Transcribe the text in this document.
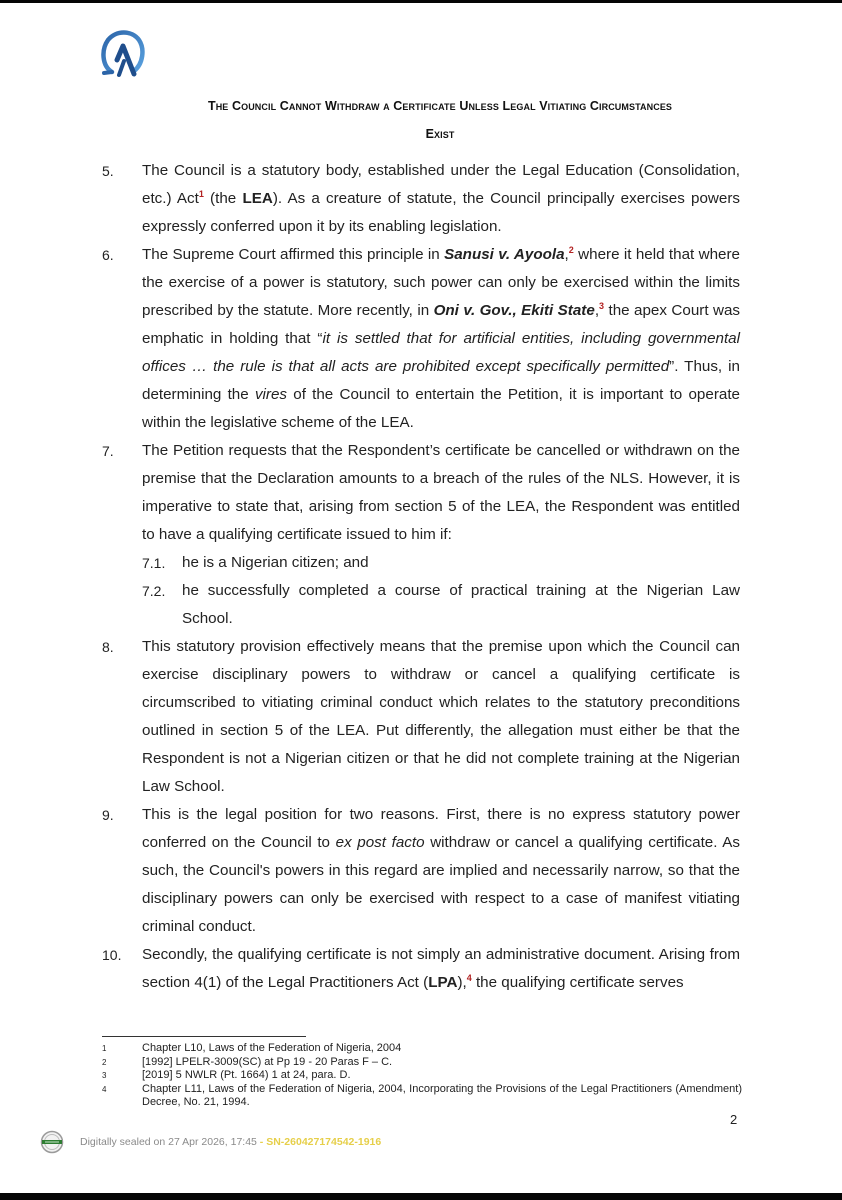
The Council Cannot Withdraw a Certificate Unless Legal Vitiating Circumstances
Exist
5.	The Council is a statutory body, established under the Legal Education (Consolidation, etc.) Act$^1$ (the LEA). As a creature of statute, the Council principally exercises powers expressly conferred upon it by its enabling legislation.
6.	The Supreme Court affirmed this principle in Sanusi v. Ayoola,$^2$ where it held that where the exercise of a power is statutory, such power can only be exercised within the limits prescribed by the statute. More recently, in Oni v. Gov., Ekiti State,$^3$ the apex Court was emphatic in holding that “it is settled that for artificial entities, including governmental offices … the rule is that all acts are prohibited except specifically permitted”. Thus, in determining the vires of the Council to entertain the Petition, it is important to operate within the legislative scheme of the LEA.
7.	The Petition requests that the Respondent’s certificate be cancelled or withdrawn on the premise that the Declaration amounts to a breach of the rules of the NLS. However, it is imperative to state that, arising from section 5 of the LEA, the Respondent was entitled to have a qualifying certificate issued to him if:
7.1.	he is a Nigerian citizen; and
7.2.	he successfully completed a course of practical training at the Nigerian Law School.
8.	This statutory provision effectively means that the premise upon which the Council can exercise disciplinary powers to withdraw or cancel a qualifying certificate is circumscribed to vitiating criminal conduct which relates to the statutory preconditions outlined in section 5 of the LEA. Put differently, the allegation must either be that the Respondent is not a Nigerian citizen or that he did not complete training at the Nigerian Law School.
9.	This is the legal position for two reasons. First, there is no express statutory power conferred on the Council to ex post facto withdraw or cancel a qualifying certificate. As such, the Council's powers in this regard are implied and necessarily narrow, so that the disciplinary powers can only be exercised with respect to a case of manifest vitiating criminal conduct.
10.	Secondly, the qualifying certificate is not simply an administrative document. Arising from section 4(1) of the Legal Practitioners Act (LPA),$^4$ the qualifying certificate serves
1	Chapter L10, Laws of the Federation of Nigeria, 2004
2	[1992] LPELR-3009(SC) at Pp 19 - 20 Paras F – C.
3	[2019] 5 NWLR (Pt. 1664) 1 at 24, para. D.
4	Chapter L11, Laws of the Federation of Nigeria, 2004, Incorporating the Provisions of the Legal Practitioners (Amendment) Decree, No. 21, 1994.
2
Digitally sealed on 27 Apr 2026, 17:45 - SN-260427174542-1916
